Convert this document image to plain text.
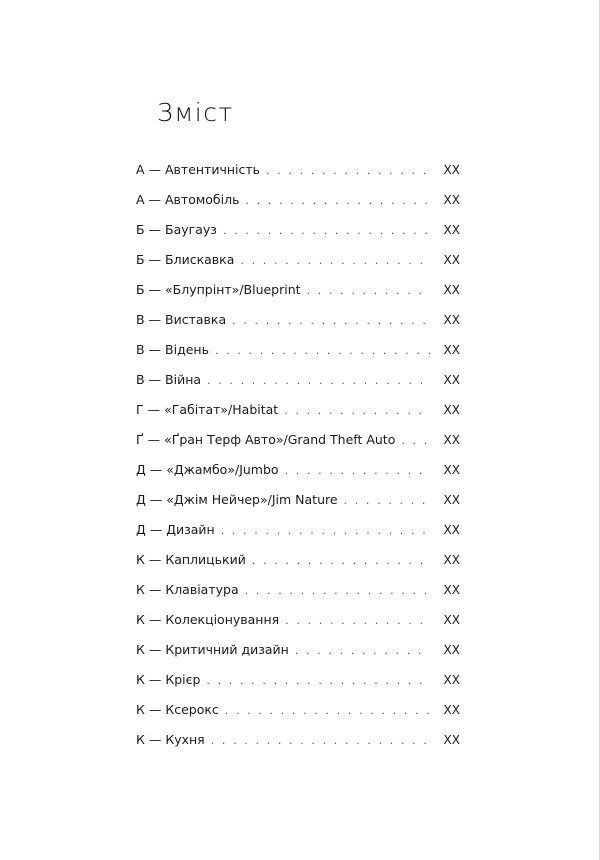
Зміст
А — Автентичність . . .	XX
А — Автомобіль . . .	XX
Б — Баугауз . . .	XX
Б — Блискавка . . .	XX
Б — «Блупрінт»/Blueprint . . .	XX
В — Виставка . . .	XX
В — Відень . . .	XX
В — Війна . . .	XX
Г — «Габітат»/Habitat . . .	XX
Ґ — «Ґран Терф Авто»/Grand Theft Auto . . .	XX
Д — «Джамбо»/Jumbo . . .	XX
Д — «Джім Нейчер»/Jim Nature . . .	XX
Д — Дизайн . . .	XX
К — Каплицький . . .	XX
К — Клавіатура . . .	XX
К — Колекціонування . . .	XX
К — Критичний дизайн . . .	XX
К — Крієр . . .	XX
К — Ксерокс . . .	XX
К — Кухня . . .	XX
